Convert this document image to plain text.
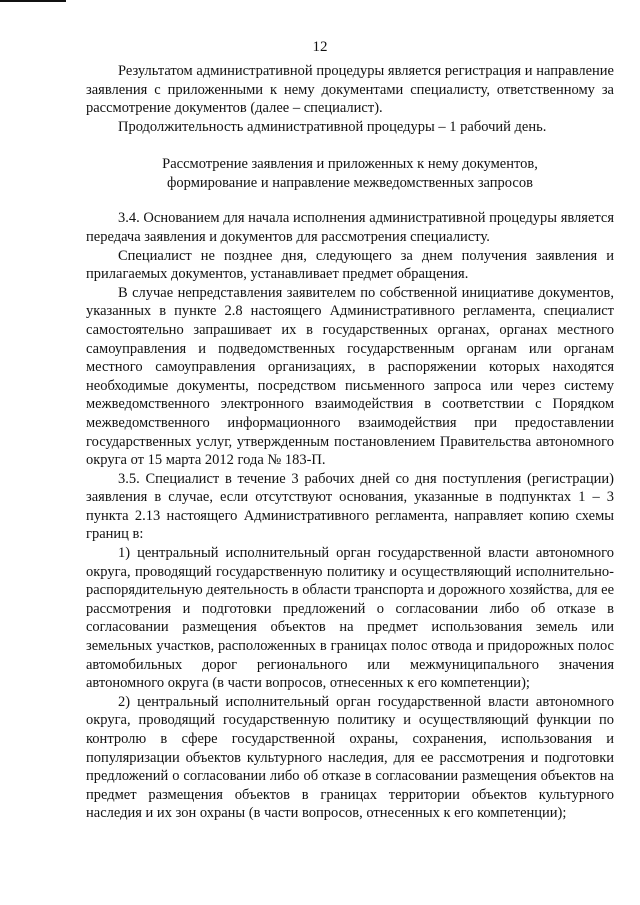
12

Результатом административной процедуры является регистрация и направление заявления с приложенными к нему документами специалисту, ответственному за рассмотрение документов (далее – специалист).

Продолжительность административной процедуры – 1 рабочий день.

Рассмотрение заявления и приложенных к нему документов,

формирование и направление межведомственных запросов

3.4. Основанием для начала исполнения административной процедуры является передача заявления и документов для рассмотрения специалисту.

Специалист не позднее дня, следующего за днем получения заявления и прилагаемых документов, устанавливает предмет обращения.

В случае непредставления заявителем по собственной инициативе документов, указанных в пункте 2.8 настоящего Административного регламента, специалист самостоятельно запрашивает их в государственных органах, органах местного самоуправления и подведомственных государственным органам или органам местного самоуправления организациях, в распоряжении которых находятся необходимые документы, посредством письменного запроса или через систему межведомственного электронного взаимодействия в соответствии с Порядком межведомственного информационного взаимодействия при предоставлении государственных услуг, утвержденным постановлением Правительства автономного округа от 15 марта 2012 года № 183-П.

3.5. Специалист в течение 3 рабочих дней со дня поступления (регистрации) заявления в случае, если отсутствуют основания, указанные в подпунктах 1 – 3 пункта 2.13 настоящего Административного регламента, направляет копию схемы границ в:

1) центральный исполнительный орган государственной власти автономного округа, проводящий государственную политику и осуществляющий исполнительно-распорядительную деятельность в области транспорта и дорожного хозяйства, для ее рассмотрения и подготовки предложений о согласовании либо об отказе в согласовании размещения объектов на предмет использования земель или земельных участков, расположенных в границах полос отвода и придорожных полос автомобильных дорог регионального или межмуниципального значения автономного округа (в части вопросов, отнесенных к его компетенции);

2) центральный исполнительный орган государственной власти автономного округа, проводящий государственную политику и осуществляющий функции по контролю в сфере государственной охраны, сохранения, использования и популяризации объектов культурного наследия, для ее рассмотрения и подготовки предложений о согласовании либо об отказе в согласовании размещения объектов на предмет размещения объектов в границах территории объектов культурного наследия и их зон охраны (в части вопросов, отнесенных к его компетенции);
